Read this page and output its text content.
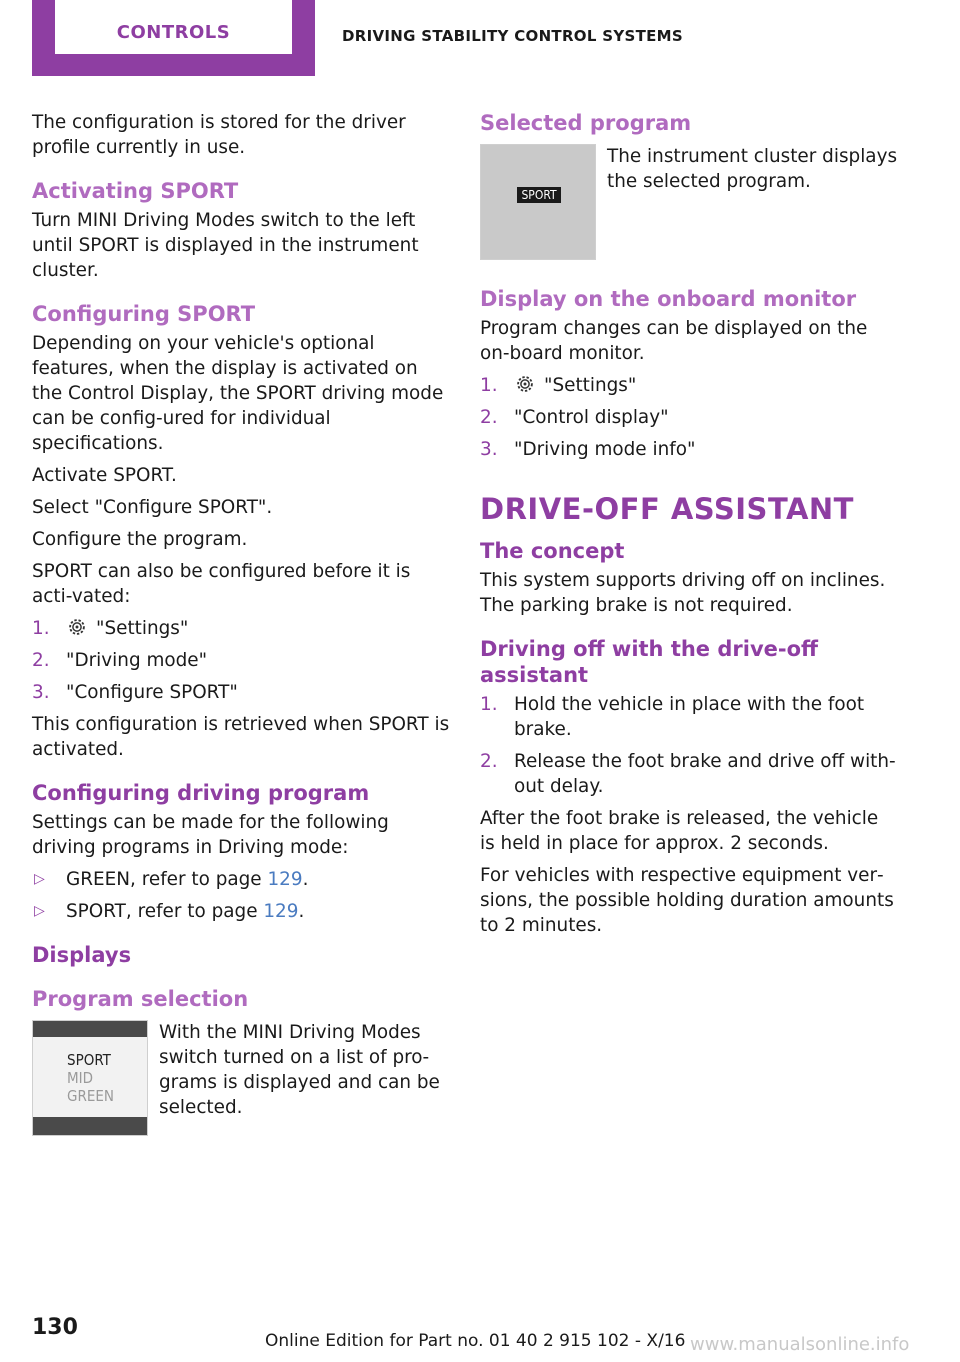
CONTROLS	DRIVING STABILITY CONTROL SYSTEMS

The configuration is stored for the driver profile currently in use.

Activating SPORT

Turn MINI Driving Modes switch to the left until SPORT is displayed in the instrument cluster.

Configuring SPORT

Depending on your vehicle's optional features, when the display is activated on the Control Display, the SPORT driving mode can be config‐ured for individual specifications.

Activate SPORT.

Select "Configure SPORT".

Configure the program.

SPORT can also be configured before it is acti‐vated:

1.	"Settings"
2. "Driving mode"
3. "Configure SPORT"

This configuration is retrieved when SPORT is activated.

Configuring driving program

Settings can be made for the following driving programs in Driving mode:

▷ GREEN, refer to page 129.
▷ SPORT, refer to page 129.
Displays
Program selection
SPORT
MID
GREEN
With the MINI Driving Modes switch turned on a list of pro‐grams is displayed and can be selected.
Selected program
SPORT
The instrument cluster displays the selected program.
Display on the onboard monitor

Program changes can be displayed on the on‐board monitor.

1.	"Settings"
2. "Control display"
3. "Driving mode info"
DRIVE-OFF ASSISTANT
The concept

This system supports driving off on inclines. The parking brake is not required.

Driving off with the drive-off assistant
1. Hold the vehicle in place with the foot brake.
2. Release the foot brake and drive off with‐out delay.

After the foot brake is released, the vehicle is held in place for approx. 2 seconds.

For vehicles with respective equipment ver‐sions, the possible holding duration amounts to 2 minutes.

130
Online Edition for Part no. 01 40 2 915 102 - X/16 www.manualsonline.info
